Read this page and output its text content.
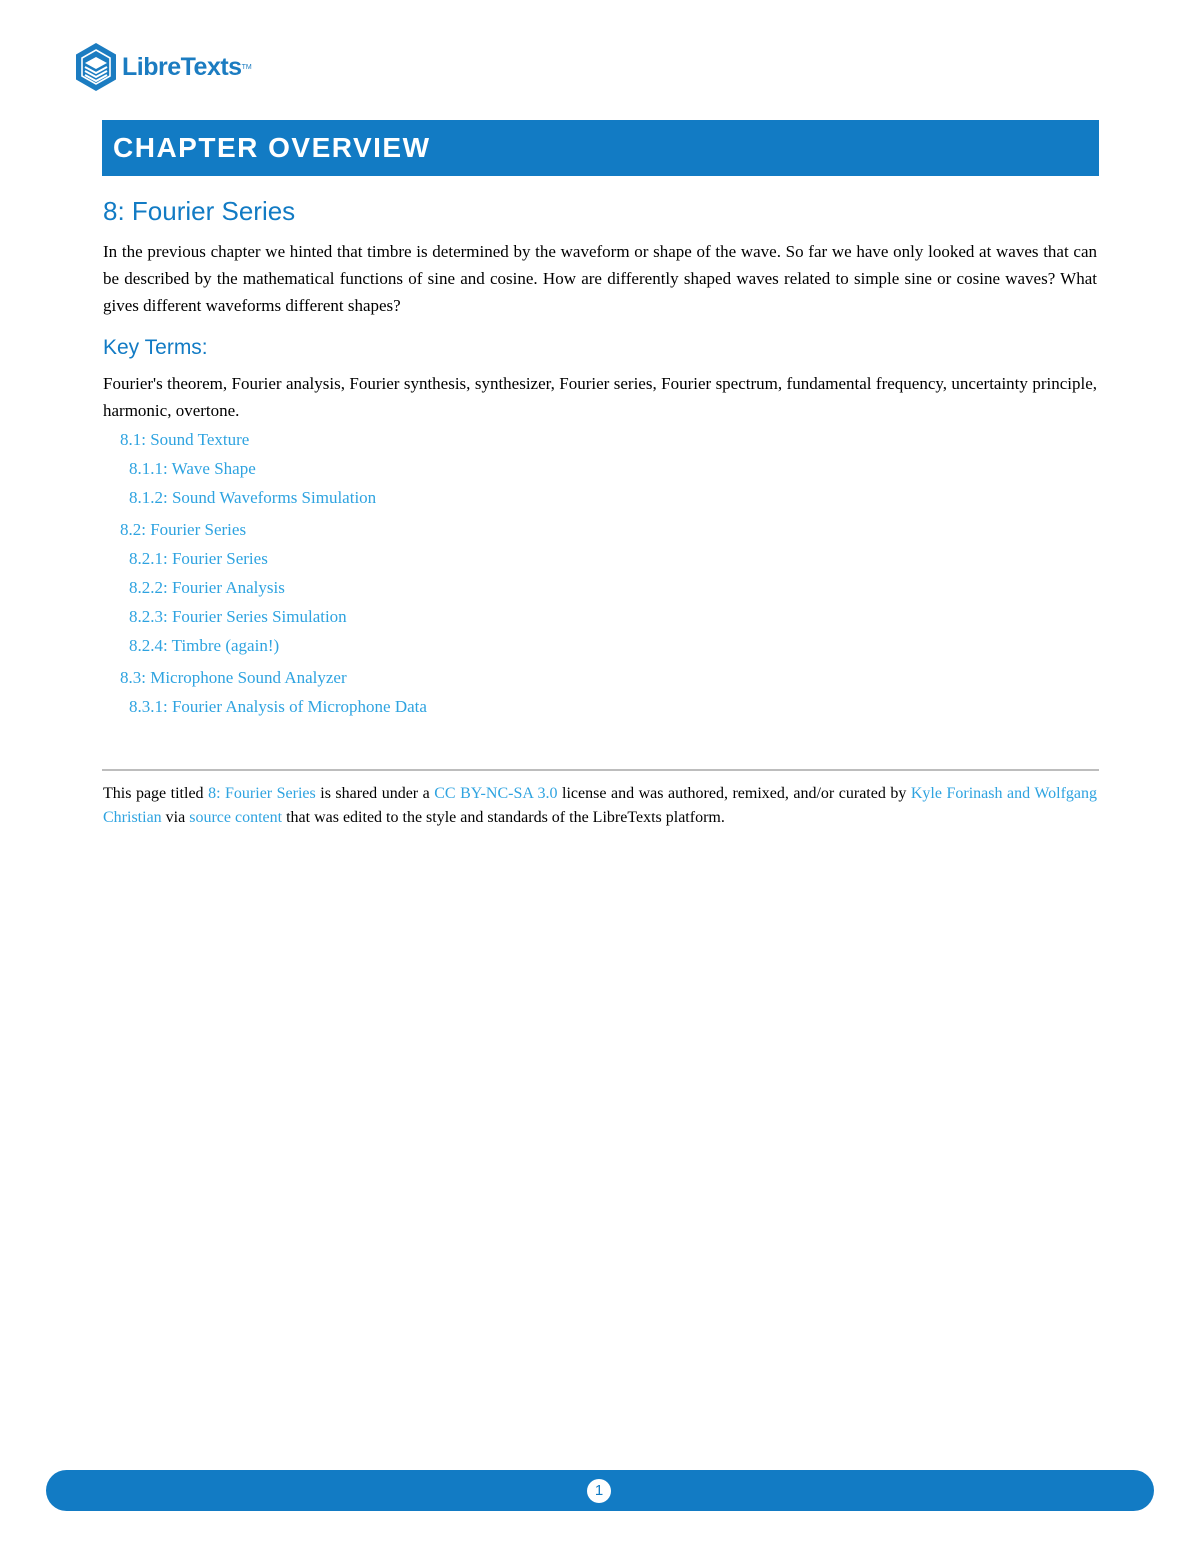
LibreTexts TM
CHAPTER OVERVIEW
8: Fourier Series

In the previous chapter we hinted that timbre is determined by the waveform or shape of the wave. So far we have only looked at waves that can be described by the mathematical functions of sine and cosine. How are differently shaped waves related to simple sine or cosine waves? What gives different waveforms different shapes?

Key Terms:

Fourier's theorem, Fourier analysis, Fourier synthesis, synthesizer, Fourier series, Fourier spectrum, fundamental frequency, uncertainty principle, harmonic, overtone.

8.1: Sound Texture
8.1.1: Wave Shape
8.1.2: Sound Waveforms Simulation
8.2: Fourier Series
8.2.1: Fourier Series
8.2.2: Fourier Analysis
8.2.3: Fourier Series Simulation
8.2.4: Timbre (again!)
8.3: Microphone Sound Analyzer
8.3.1: Fourier Analysis of Microphone Data

This page titled 8: Fourier Series is shared under a CC BY-NC-SA 3.0 license and was authored, remixed, and/or curated by Kyle Forinash and Wolfgang Christian via source content that was edited to the style and standards of the LibreTexts platform.

1
